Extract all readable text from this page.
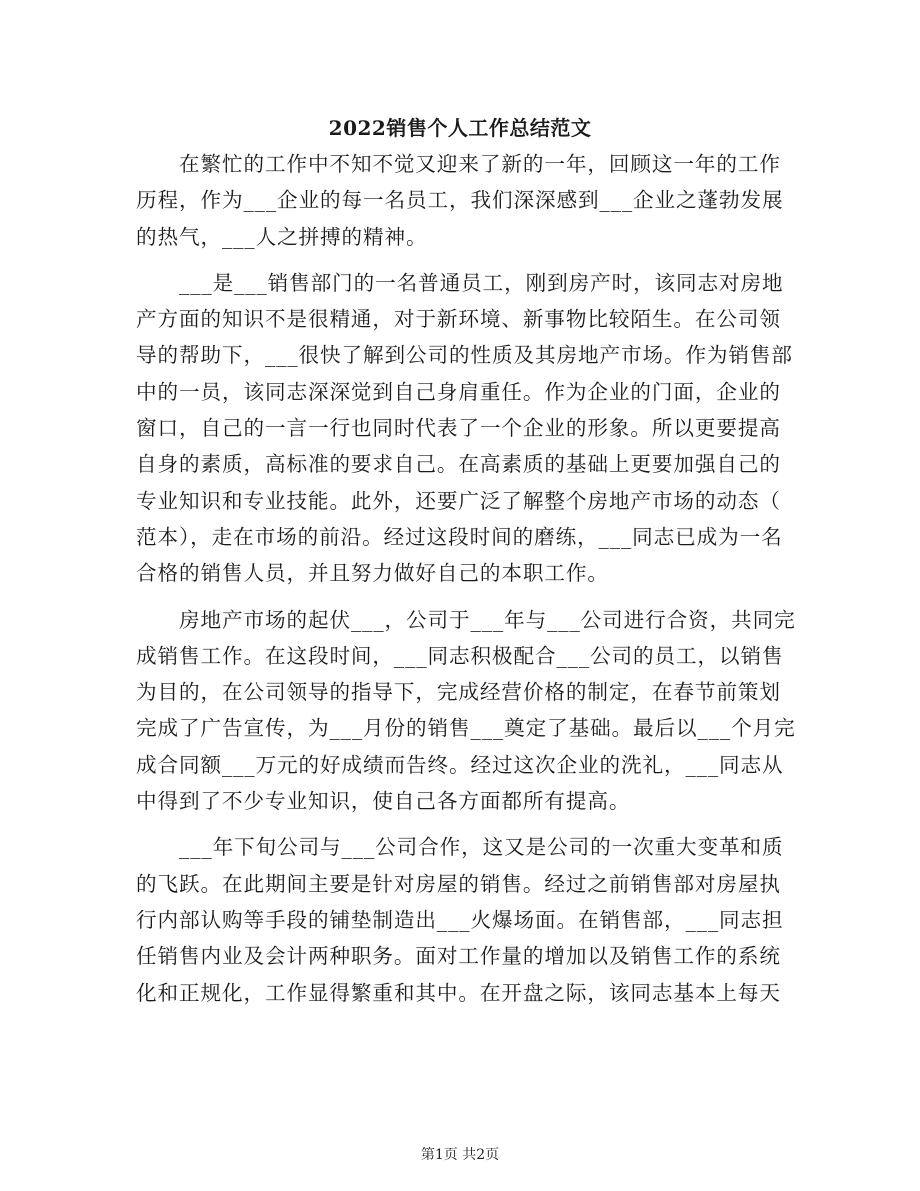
2022销售个人工作总结范文
在繁忙的工作中不知不觉又迎来了新的一年，回顾这一年的工作
历程，作为___企业的每一名员工，我们深深感到___企业之蓬勃发展
的热气，___人之拼搏的精神。
___是___销售部门的一名普通员工，刚到房产时，该同志对房地
产方面的知识不是很精通，对于新环境、新事物比较陌生。在公司领
导的帮助下，___很快了解到公司的性质及其房地产市场。作为销售部
中的一员，该同志深深觉到自己身肩重任。作为企业的门面，企业的
窗口，自己的一言一行也同时代表了一个企业的形象。所以更要提高
自身的素质，高标准的要求自己。在高素质的基础上更要加强自己的
专业知识和专业技能。此外，还要广泛了解整个房地产市场的动态（
范本），走在市场的前沿。经过这段时间的磨练，___同志已成为一名
合格的销售人员，并且努力做好自己的本职工作。
房地产市场的起伏___，公司于___年与___公司进行合资，共同完
成销售工作。在这段时间，___同志积极配合___公司的员工，以销售
为目的，在公司领导的指导下，完成经营价格的制定，在春节前策划
完成了广告宣传，为___月份的销售___奠定了基础。最后以___个月完
成合同额___万元的好成绩而告终。经过这次企业的洗礼，___同志从
中得到了不少专业知识，使自己各方面都所有提高。
___年下旬公司与___公司合作，这又是公司的一次重大变革和质
的飞跃。在此期间主要是针对房屋的销售。经过之前销售部对房屋执
行内部认购等手段的铺垫制造出___火爆场面。在销售部，___同志担
任销售内业及会计两种职务。面对工作量的增加以及销售工作的系统
化和正规化，工作显得繁重和其中。在开盘之际，该同志基本上每天
第1页 共2页
